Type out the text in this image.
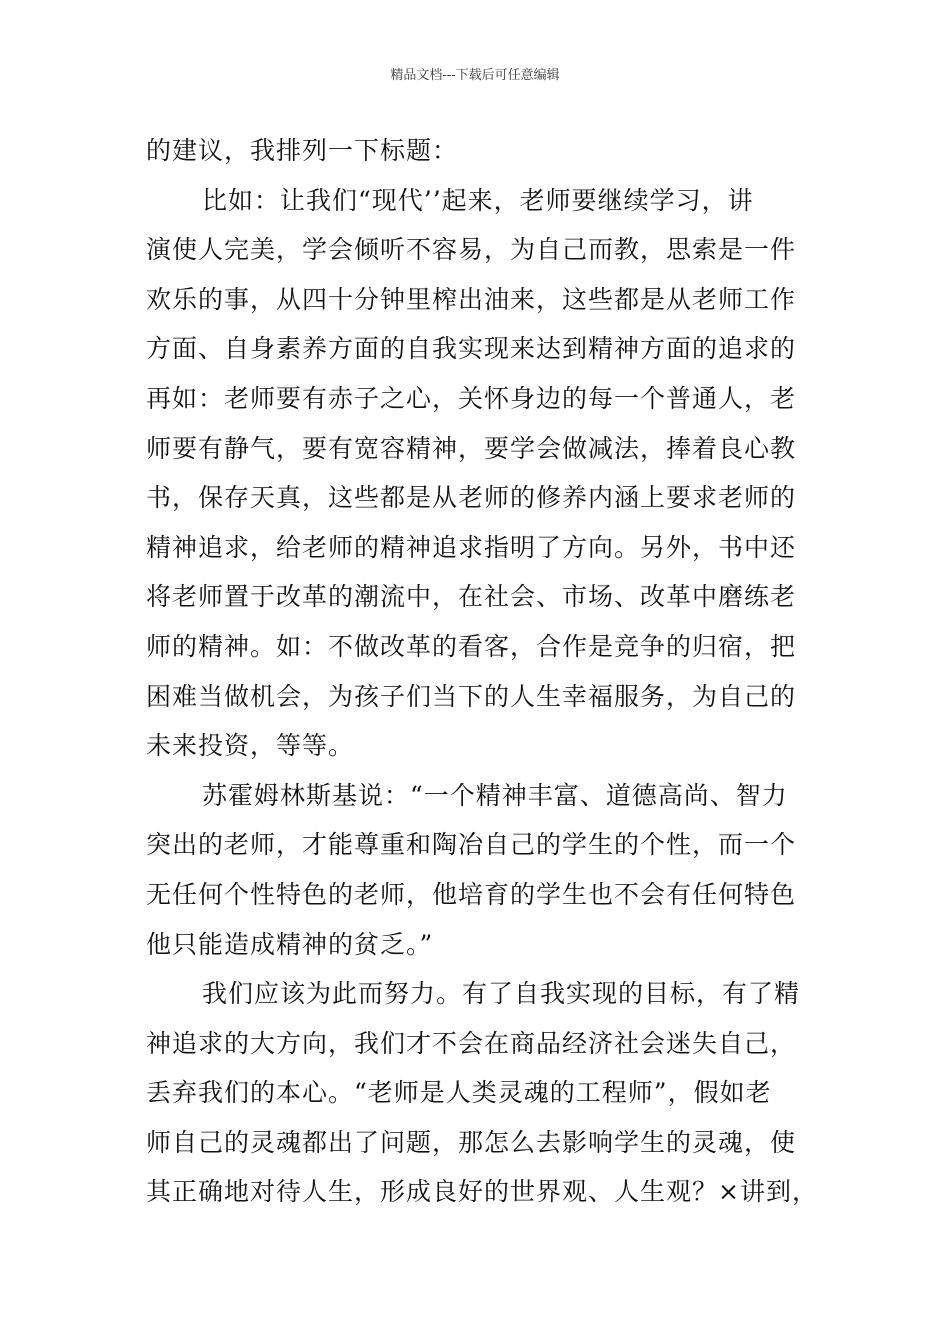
精品文档---下载后可任意编辑
的建议，我排列一下标题：
比如：让我们“现代’’起来，老师要继续学习，讲
演使人完美，学会倾听不容易，为自己而教，思索是一件
欢乐的事，从四十分钟里榨出油来，这些都是从老师工作
方面、自身素养方面的自我实现来达到精神方面的追求的
再如：老师要有赤子之心，关怀身边的每一个普通人，老
师要有静气，要有宽容精神，要学会做减法，捧着良心教
书，保存天真，这些都是从老师的修养内涵上要求老师的
精神追求，给老师的精神追求指明了方向。另外，书中还
将老师置于改革的潮流中，在社会、市场、改革中磨练老
师的精神。如：不做改革的看客，合作是竞争的归宿，把
困难当做机会，为孩子们当下的人生幸福服务，为自己的
未来投资，等等。
苏霍姆林斯基说：“一个精神丰富、道德高尚、智力
突出的老师，才能尊重和陶冶自己的学生的个性，而一个
无任何个性特色的老师，他培育的学生也不会有任何特色
他只能造成精神的贫乏。”
我们应该为此而努力。有了自我实现的目标，有了精
神追求的大方向，我们才不会在商品经济社会迷失自己，
丢弃我们的本心。“老师是人类灵魂的工程师”，假如老
师自己的灵魂都出了问题，那怎么去影响学生的灵魂，使
其正确地对待人生，形成良好的世界观、人生观？×讲到，
